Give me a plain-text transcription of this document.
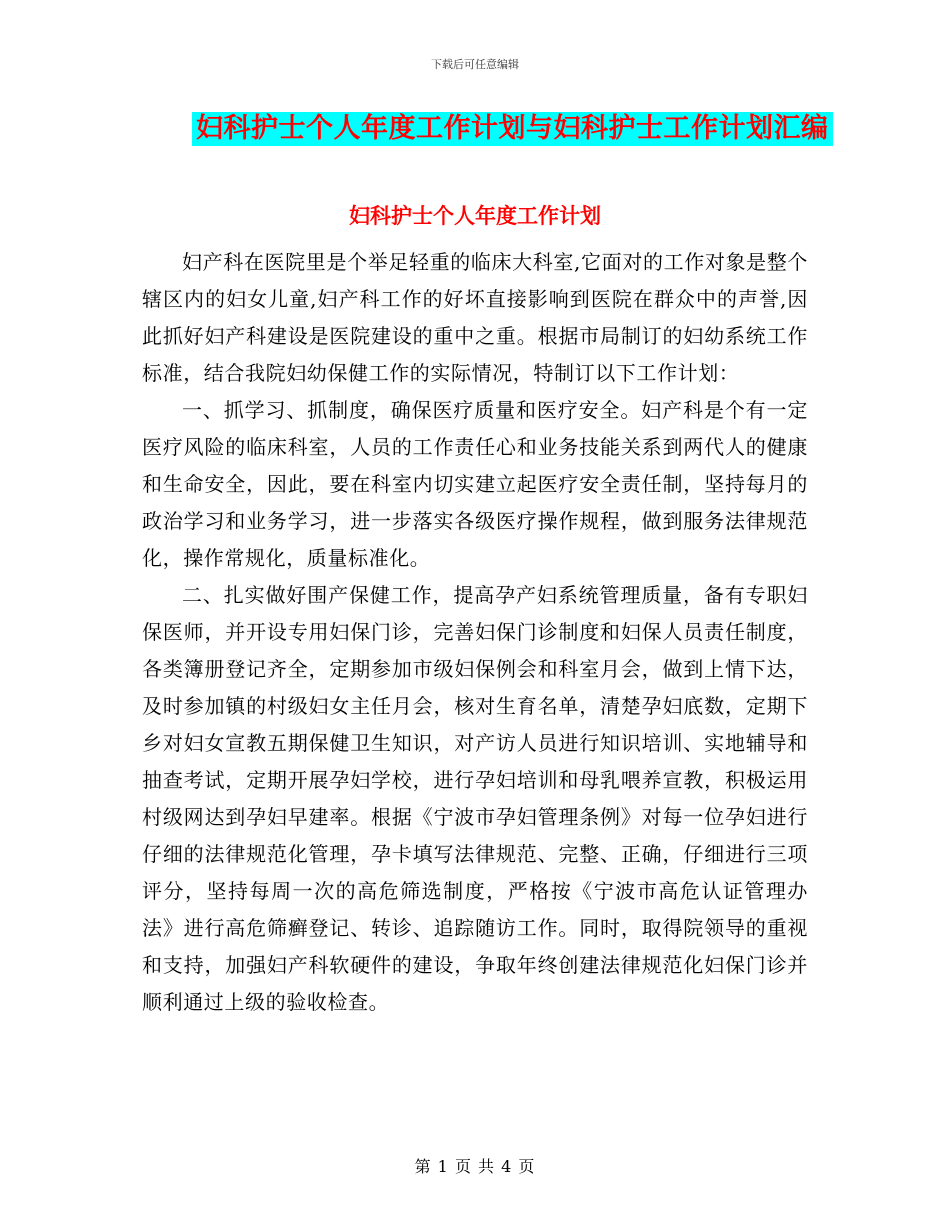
下载后可任意编辑
妇科护士个人年度工作计划与妇科护士工作计划汇编
妇科护士个人年度工作计划

妇产科在医院里是个举足轻重的临床大科室,它面对的工作对象是整个辖区内的妇女儿童,妇产科工作的好坏直接影响到医院在群众中的声誉,因此抓好妇产科建设是医院建设的重中之重。根据市局制订的妇幼系统工作标准，结合我院妇幼保健工作的实际情况，特制订以下工作计划：

一、抓学习、抓制度，确保医疗质量和医疗安全。妇产科是个有一定医疗风险的临床科室，人员的工作责任心和业务技能关系到两代人的健康和生命安全，因此，要在科室内切实建立起医疗安全责任制，坚持每月的政治学习和业务学习，进一步落实各级医疗操作规程，做到服务法律规范化，操作常规化，质量标准化。

二、扎实做好围产保健工作，提高孕产妇系统管理质量，备有专职妇保医师，并开设专用妇保门诊，完善妇保门诊制度和妇保人员责任制度，各类簿册登记齐全，定期参加市级妇保例会和科室月会，做到上情下达，及时参加镇的村级妇女主任月会，核对生育名单，清楚孕妇底数，定期下乡对妇女宣教五期保健卫生知识，对产访人员进行知识培训、实地辅导和抽查考试，定期开展孕妇学校，进行孕妇培训和母乳喂养宣教，积极运用村级网达到孕妇早建率。根据《宁波市孕妇管理条例》对每一位孕妇进行仔细的法律规范化管理，孕卡填写法律规范、完整、正确，仔细进行三项评分，坚持每周一次的高危筛选制度，严格按《宁波市高危认证管理办法》进行高危筛癣登记、转诊、追踪随访工作。同时，取得院领导的重视和支持，加强妇产科软硬件的建设，争取年终创建法律规范化妇保门诊并顺利通过上级的验收检查。

第 1 页 共 4 页
